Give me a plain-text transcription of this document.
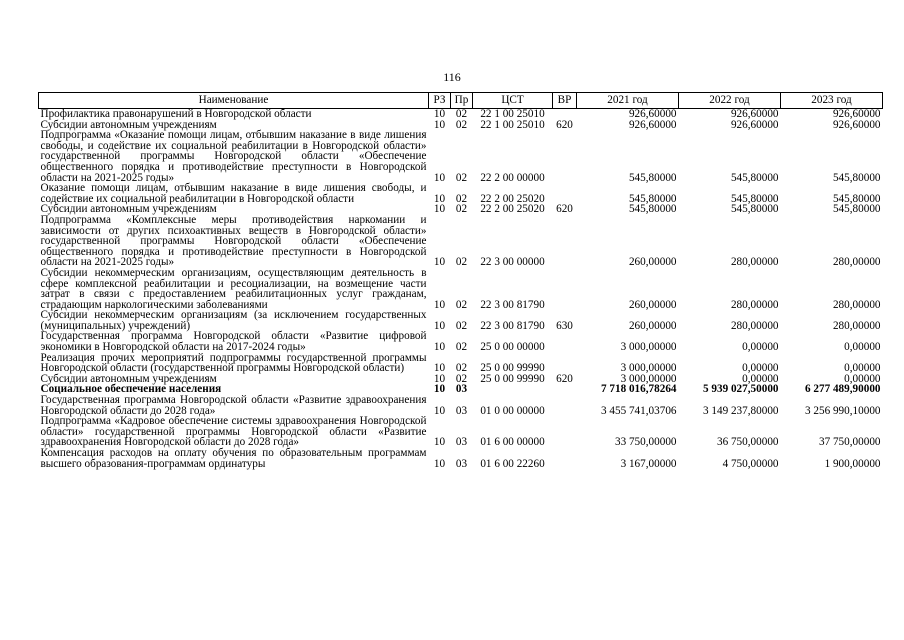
116
Наименование	РЗ	Пр	ЦСТ	ВР	2021 год	2022 год	2023 год
Профилактика правонарушений в Новгородской области	10	02	22 1 00 25010		926,60000	926,60000	926,60000
Субсидии автономным учреждениям	10	02	22 1 00 25010	620	926,60000	926,60000	926,60000
Подпрограмма «Оказание помощи лицам, отбывшим наказание в виде лишения свободы, и содействие их социальной реабилитации в Новгородской области» государственной программы Новгородской области «Обеспечение общественного порядка и противодействие преступности в Новгородской области на 2021-2025 годы»	10	02	22 2 00 00000		545,80000	545,80000	545,80000
Оказание помощи лицам, отбывшим наказание в виде лишения свободы, и содействие их социальной реабилитации в Новгородской области	10	02	22 2 00 25020		545,80000	545,80000	545,80000
Субсидии автономным учреждениям	10	02	22 2 00 25020	620	545,80000	545,80000	545,80000
Подпрограмма «Комплексные меры противодействия наркомании и зависимости от других психоактивных веществ в Новгородской области» государственной программы Новгородской области «Обеспечение общественного порядка и противодействие преступности в Новгородской области на 2021-2025 годы»	10	02	22 3 00 00000		260,00000	280,00000	280,00000
Субсидии некоммерческим организациям, осуществляющим деятельность в сфере комплексной реабилитации и ресоциализации, на возмещение части затрат в связи с предоставлением реабилитационных услуг гражданам, страдающим наркологическими заболеваниями	10	02	22 3 00 81790		260,00000	280,00000	280,00000
Субсидии некоммерческим организациям (за исключением государственных (муниципальных) учреждений)	10	02	22 3 00 81790	630	260,00000	280,00000	280,00000
Государственная программа Новгородской области «Развитие цифровой экономики в Новгородской области на 2017-2024 годы»	10	02	25 0 00 00000		3 000,00000	0,00000	0,00000
Реализация прочих мероприятий подпрограммы государственной программы Новгородской области (государственной программы Новгородской области)	10	02	25 0 00 99990		3 000,00000	0,00000	0,00000
Субсидии автономным учреждениям	10	02	25 0 00 99990	620	3 000,00000	0,00000	0,00000
Социальное обеспечение населения	10	03			7 718 016,78264	5 939 027,50000	6 277 489,90000
Государственная программа Новгородской области «Развитие здравоохранения Новгородской области до 2028 года»	10	03	01 0 00 00000		3 455 741,03706	3 149 237,80000	3 256 990,10000
Подпрограмма «Кадровое обеспечение системы здравоохранения Новгородской области» государственной программы Новгородской области «Развитие здравоохранения Новгородской области до 2028 года»	10	03	01 6 00 00000		33 750,00000	36 750,00000	37 750,00000
Компенсация расходов на оплату обучения по образовательным программам высшего образования-программам ординатуры	10	03	01 6 00 22260		3 167,00000	4 750,00000	1 900,00000
